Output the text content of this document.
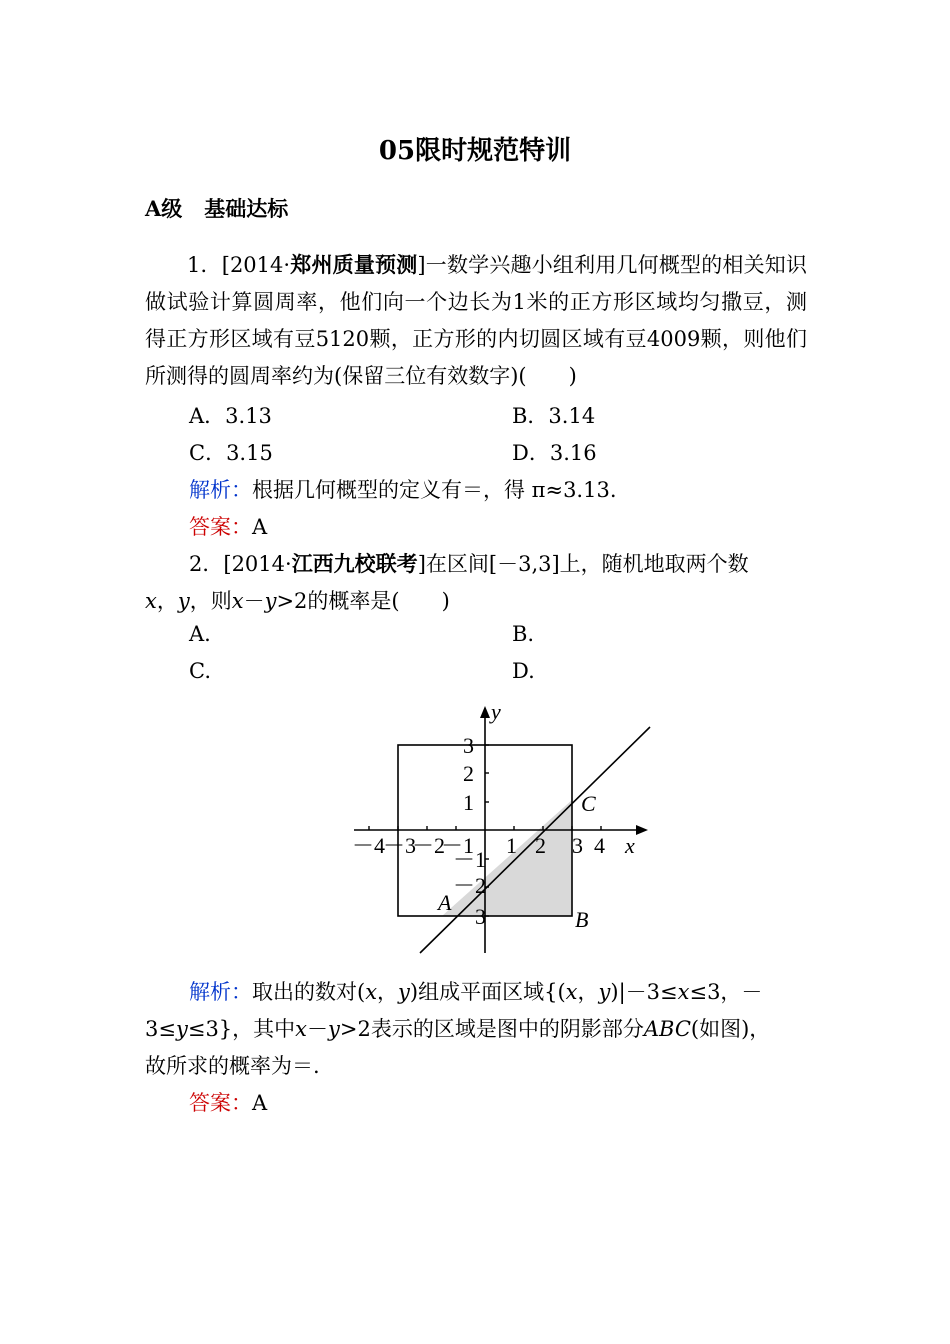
05限时规范特训
A级 基础达标

1．[2014·郑州质量预测]一数学兴趣小组利用几何概型的相关知识做试验计算圆周率，他们向一个边长为1米的正方形区域均匀撒豆，测得正方形区域有豆5120颗，正方形的内切圆区域有豆4009颗，则他们所测得的圆周率约为(保留三位有效数字)(　　)

A．3.13	B．3.14
C．3.15	D．3.16
解析：根据几何概型的定义有＝，得 π≈3.13.
答案：A
2．[2014·江西九校联考]在区间[－3,3]上，随机地取两个数
x，y，则x－y>2的概率是(　　)
A.	B.
C.	D.
－4
－3
－2
－1 1 2 3 4 x
3
2
1
－1
－2
－3
y
A
B
C
解析：取出的数对(x，y)组成平面区域{(x，y)|－3≤x≤3，－
3≤y≤3}，其中x－y>2表示的区域是图中的阴影部分ABC(如图)，
故所求的概率为＝.
答案：A
